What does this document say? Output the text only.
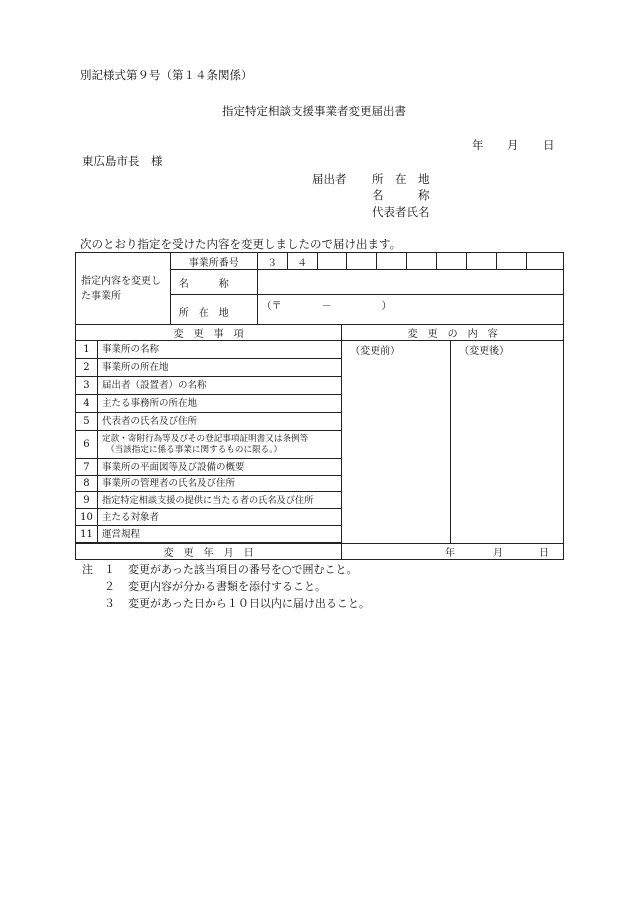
別記様式第９号（第１４条関係）
指定特定相談支援事業者変更届出書
年 月 日
東広島市長　様
届出者 所　在　地
名　　　称
代表者氏名
次のとおり指定を受けた内容を変更しましたので届け出ます。
指定内容を変更した事業所	事業所番号	３	４								
	名　　　称										
	所　在　地	（〒　　　　－　　　　　）									
変　更　事　項		変　更　の　内　容	
1	事業所の名称	（変更前）	（変更後）
2	事業所の所在地		
3	届出者（設置者）の名称		
4	主たる事務所の所在地		
5	代表者の氏名及び住所		
6	定款・寄附行為等及びその登記事項証明書又は条例等
（当該指定に係る事業に関するものに限る。）		

7	事業所の平面図等及び設備の概要		
8	事業所の管理者の氏名及び住所		
9	指定特定相談支援の提供に当たる者の氏名及び住所		
10	主たる対象者		
11	運営規程		

変　更　年　月　日		年 月 日	
注 １ 変更があった該当項目の番号を○で囲むこと。
２ 変更内容が分かる書類を添付すること。
３ 変更があった日から１０日以内に届け出ること。
